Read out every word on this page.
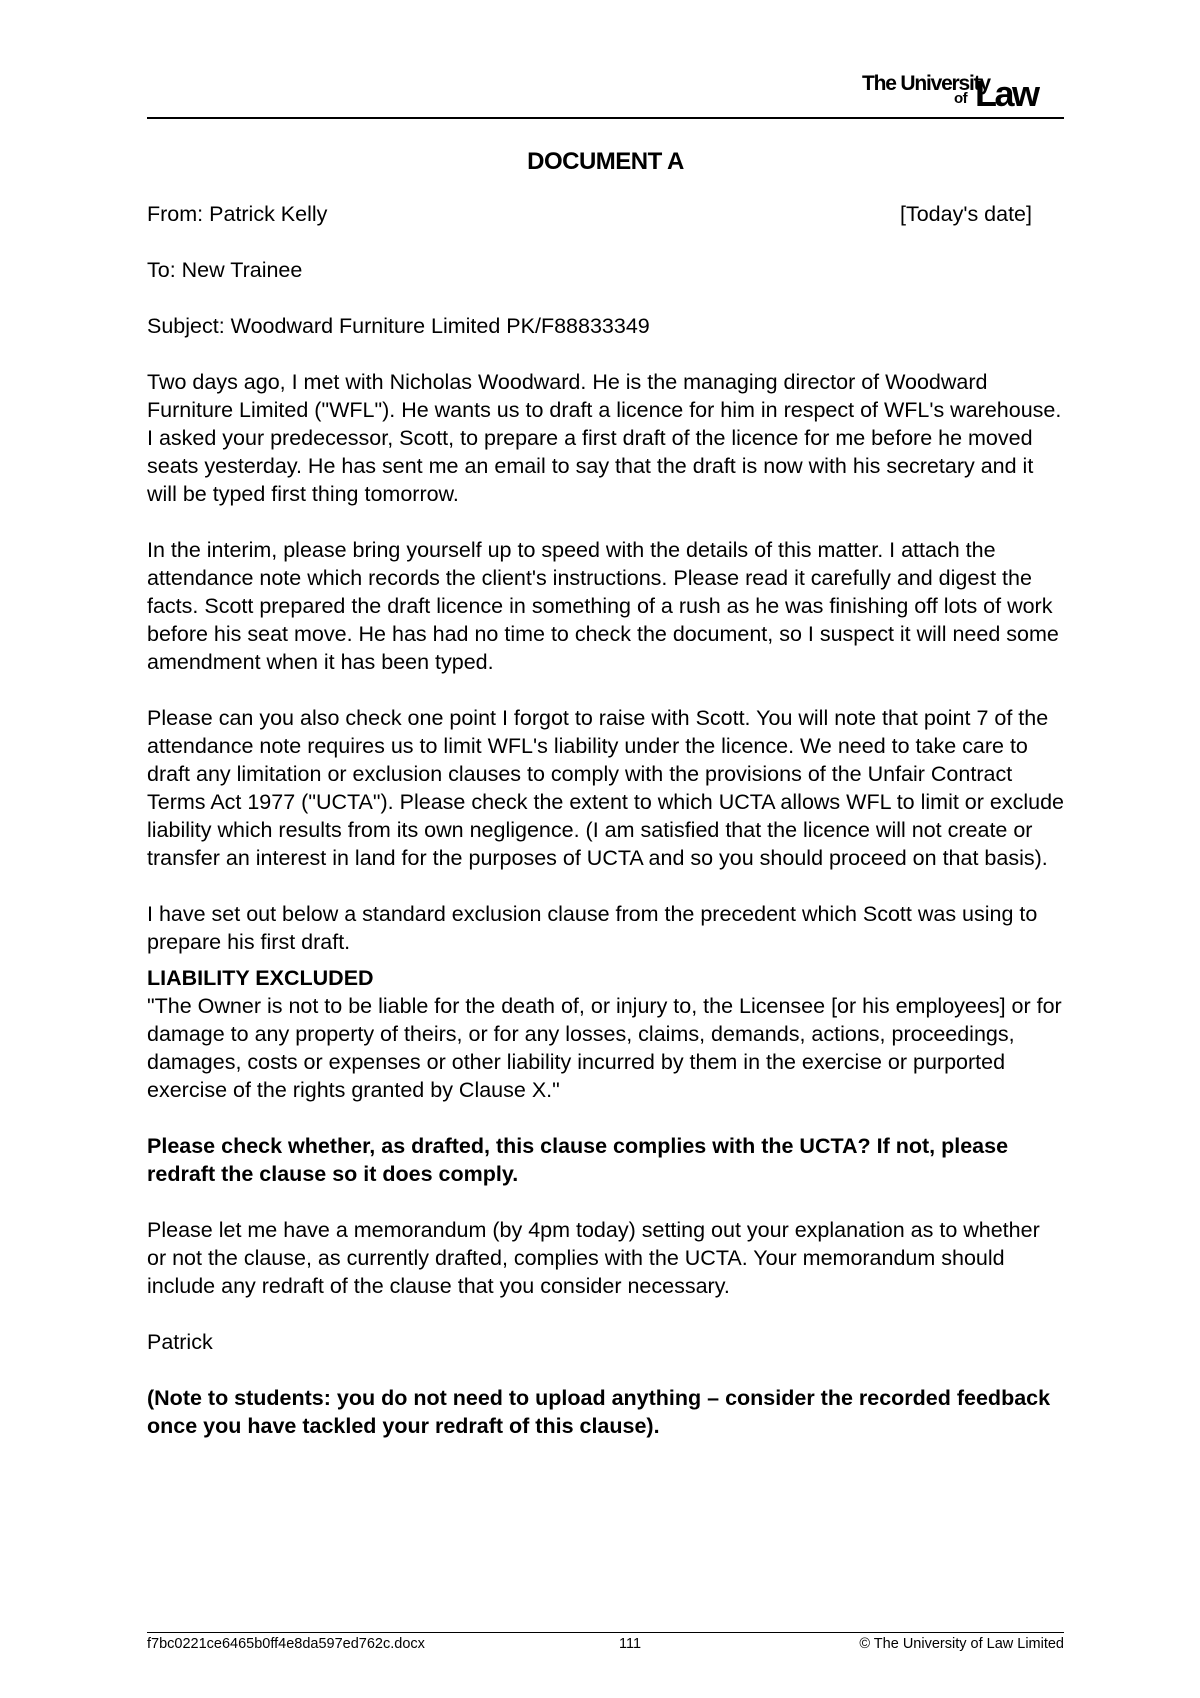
The University
of Law
DOCUMENT A
From: Patrick Kelly	[Today's date]

To: New Trainee

Subject: Woodward Furniture Limited PK/F88833349

Two days ago, I met with Nicholas Woodward. He is the managing director of Woodward Furniture Limited ("WFL"). He wants us to draft a licence for him in respect of WFL's warehouse. I asked your predecessor, Scott, to prepare a first draft of the licence for me before he moved seats yesterday. He has sent me an email to say that the draft is now with his secretary and it will be typed first thing tomorrow.

In the interim, please bring yourself up to speed with the details of this matter. I attach the attendance note which records the client's instructions. Please read it carefully and digest the facts. Scott prepared the draft licence in something of a rush as he was finishing off lots of work before his seat move. He has had no time to check the document, so I suspect it will need some amendment when it has been typed.

Please can you also check one point I forgot to raise with Scott. You will note that point 7 of the attendance note requires us to limit WFL's liability under the licence. We need to take care to draft any limitation or exclusion clauses to comply with the provisions of the Unfair Contract Terms Act 1977 ("UCTA"). Please check the extent to which UCTA allows WFL to limit or exclude liability which results from its own negligence. (I am satisfied that the licence will not create or transfer an interest in land for the purposes of UCTA and so you should proceed on that basis).

I have set out below a standard exclusion clause from the precedent which Scott was using to prepare his first draft.

LIABILITY EXCLUDED
"The Owner is not to be liable for the death of, or injury to, the Licensee [or his employees] or for damage to any property of theirs, or for any losses, claims, demands, actions, proceedings, damages, costs or expenses or other liability incurred by them in the exercise or purported exercise of the rights granted by Clause X."

Please check whether, as drafted, this clause complies with the UCTA? If not, please redraft the clause so it does comply.

Please let me have a memorandum (by 4pm today) setting out your explanation as to whether or not the clause, as currently drafted, complies with the UCTA. Your memorandum should include any redraft of the clause that you consider necessary.

Patrick

(Note to students: you do not need to upload anything – consider the recorded feedback once you have tackled your redraft of this clause).

f7bc0221ce6465b0ff4e8da597ed762c.docx	111	© The University of Law Limited
